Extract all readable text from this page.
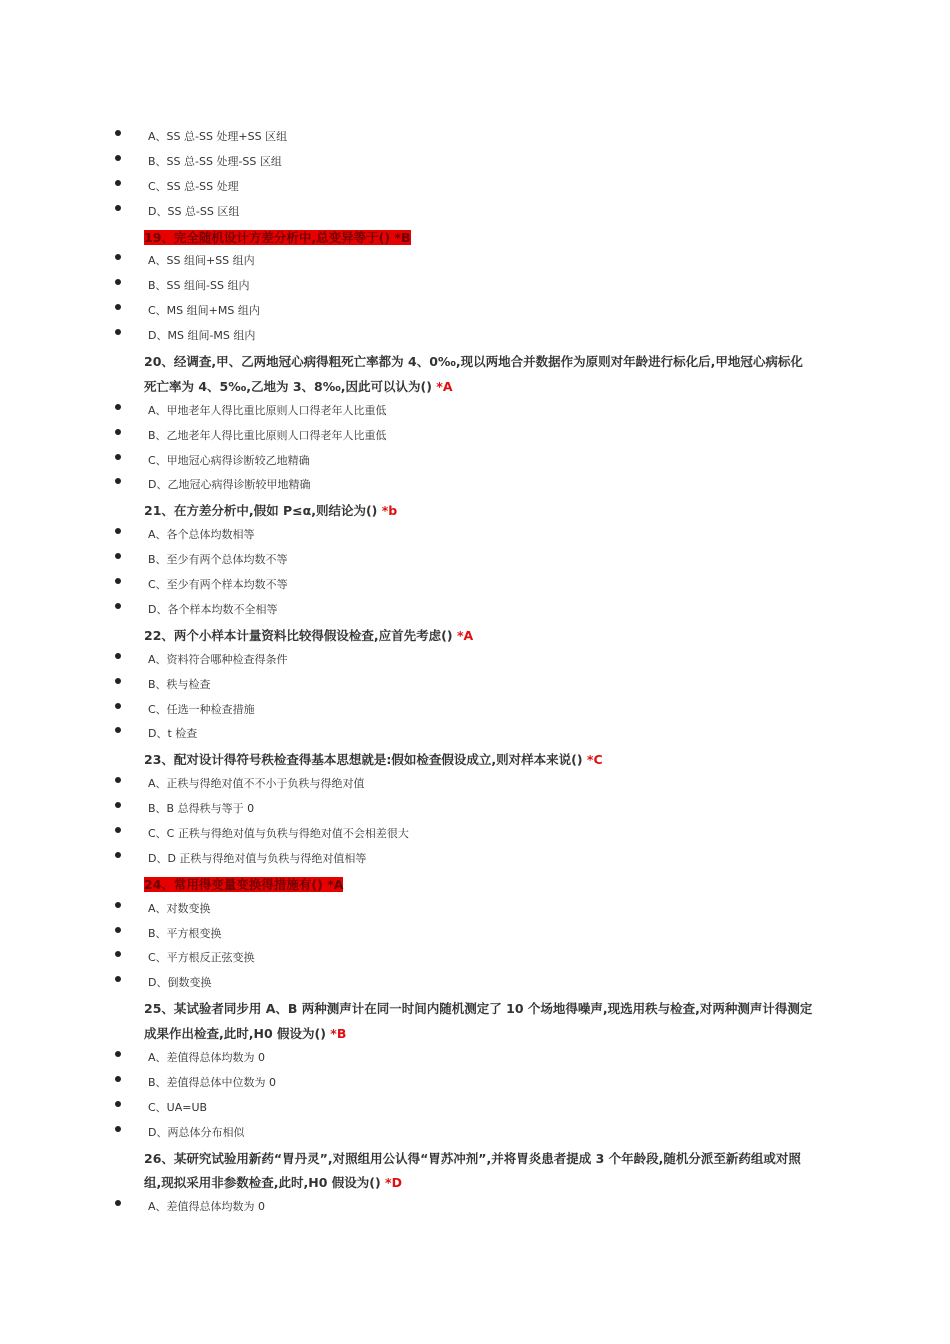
A、SS 总-SS 处理+SS 区组
B、SS 总-SS 处理-SS 区组
C、SS 总-SS 处理
D、SS 总-SS 区组
19、完全随机设计方差分析中,总变异等于() *B
A、SS 组间+SS 组内
B、SS 组间-SS 组内
C、MS 组间+MS 组内
D、MS 组间-MS 组内
20、经调查,甲、乙两地冠心病得粗死亡率都为 4、0‰,现以两地合并数据作为原则对年龄进行标化后,甲地冠心病标化死亡率为 4、5‰,乙地为 3、8‰,因此可以认为() *A
A、甲地老年人得比重比原则人口得老年人比重低
B、乙地老年人得比重比原则人口得老年人比重低
C、甲地冠心病得诊断较乙地精确
D、乙地冠心病得诊断较甲地精确
21、在方差分析中,假如 P≤α,则结论为() *b
A、各个总体均数相等
B、至少有两个总体均数不等
C、至少有两个样本均数不等
D、各个样本均数不全相等
22、两个小样本计量资料比较得假设检查,应首先考虑() *A
A、资料符合哪种检查得条件
B、秩与检查
C、任选一种检查措施
D、t 检查
23、配对设计得符号秩检查得基本思想就是:假如检查假设成立,则对样本来说() *C
A、正秩与得绝对值不不小于负秩与得绝对值
B、B 总得秩与等于 0
C、C 正秩与得绝对值与负秩与得绝对值不会相差很大
D、D 正秩与得绝对值与负秩与得绝对值相等
24、常用得变量变换得措施有() *A
A、对数变换
B、平方根变换
C、平方根反正弦变换
D、倒数变换
25、某试验者同步用 A、B 两种测声计在同一时间内随机测定了 10 个场地得噪声,现选用秩与检查,对两种测声计得测定成果作出检查,此时,H0 假设为() *B
A、差值得总体均数为 0
B、差值得总体中位数为 0
C、UA=UB
D、两总体分布相似
26、某研究试验用新药“胃丹灵”,对照组用公认得“胃苏冲剂”,并将胃炎患者提成 3 个年龄段,随机分派至新药组或对照组,现拟采用非参数检查,此时,H0 假设为() *D
A、差值得总体均数为 0
